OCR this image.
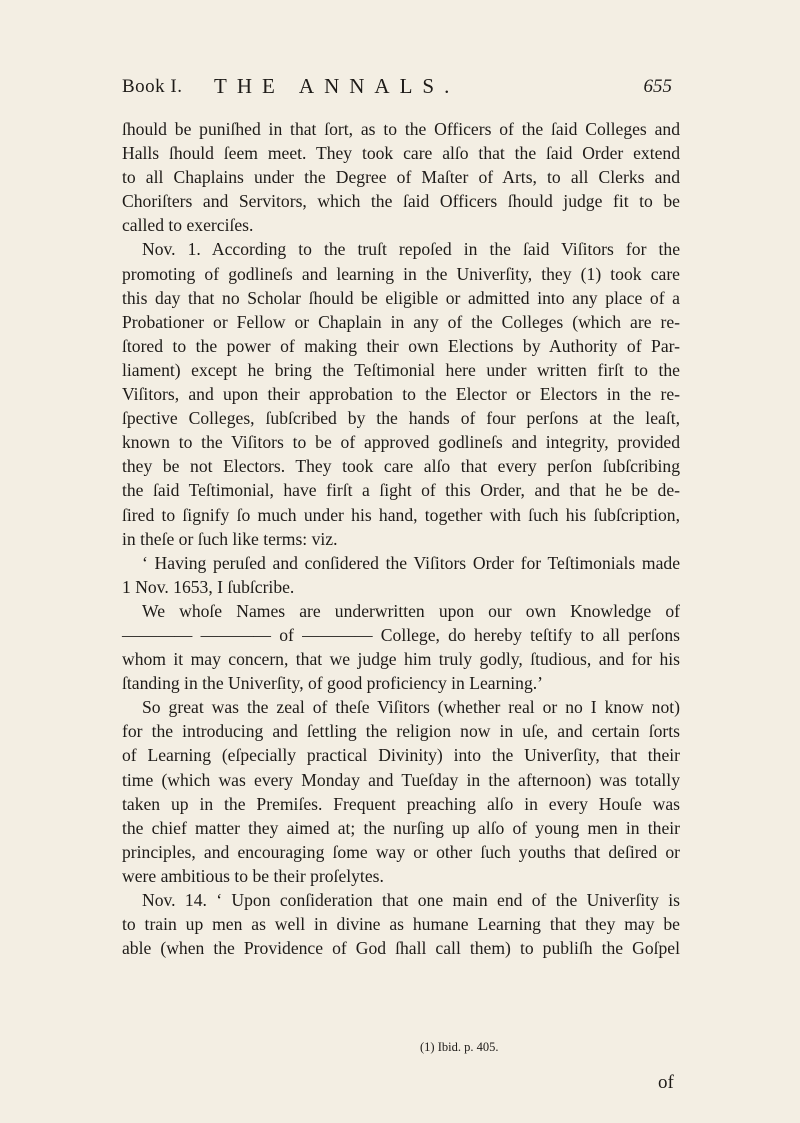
Book I. THE ANNALS.	655
ſhould be puniſhed in that ſort, as to the Officers of the ſaid Colleges and
Halls ſhould ſeem meet. They took care alſo that the ſaid Order extend
to all Chaplains under the Degree of Maſter of Arts, to all Clerks and
Choriſters and Servitors, which the ſaid Officers ſhould judge fit to be
called to exerciſes.
Nov. 1. According to the truſt repoſed in the ſaid Viſitors for the
promoting of godlineſs and learning in the Univerſity, they (1) took care
this day that no Scholar ſhould be eligible or admitted into any place of a
Probationer or Fellow or Chaplain in any of the Colleges (which are re-
ſtored to the power of making their own Elections by Authority of Par-
liament) except he bring the Teſtimonial here under written firſt to the
Viſitors, and upon their approbation to the Elector or Electors in the re-
ſpective Colleges, ſubſcribed by the hands of four perſons at the leaſt,
known to the Viſitors to be of approved godlineſs and integrity, provided
they be not Electors. They took care alſo that every perſon ſubſcribing
the ſaid Teſtimonial, have firſt a ſight of this Order, and that he be de-
ſired to ſignify ſo much under his hand, together with ſuch his ſubſcription,
in theſe or ſuch like terms: viz.
‘ Having peruſed and conſidered the Viſitors Order for Teſtimonials made
1 Nov. 1653, I ſubſcribe.
We whoſe Names are underwritten upon our own Knowledge of
———— ———— of ———— College, do hereby teſtify to all perſons
whom it may concern, that we judge him truly godly, ſtudious, and for his
ſtanding in the Univerſity, of good proficiency in Learning.’
So great was the zeal of theſe Viſitors (whether real or no I know not)
for the introducing and ſettling the religion now in uſe, and certain ſorts
of Learning (eſpecially practical Divinity) into the Univerſity, that their
time (which was every Monday and Tueſday in the afternoon) was totally
taken up in the Premiſes. Frequent preaching alſo in every Houſe was
the chief matter they aimed at; the nurſing up alſo of young men in their
principles, and encouraging ſome way or other ſuch youths that deſired or
were ambitious to be their proſelytes.
Nov. 14. ‘ Upon conſideration that one main end of the Univerſity is
to train up men as well in divine as humane Learning that they may be
able (when the Providence of God ſhall call them) to publiſh the Goſpel
(1) Ibid. p. 405.
of
